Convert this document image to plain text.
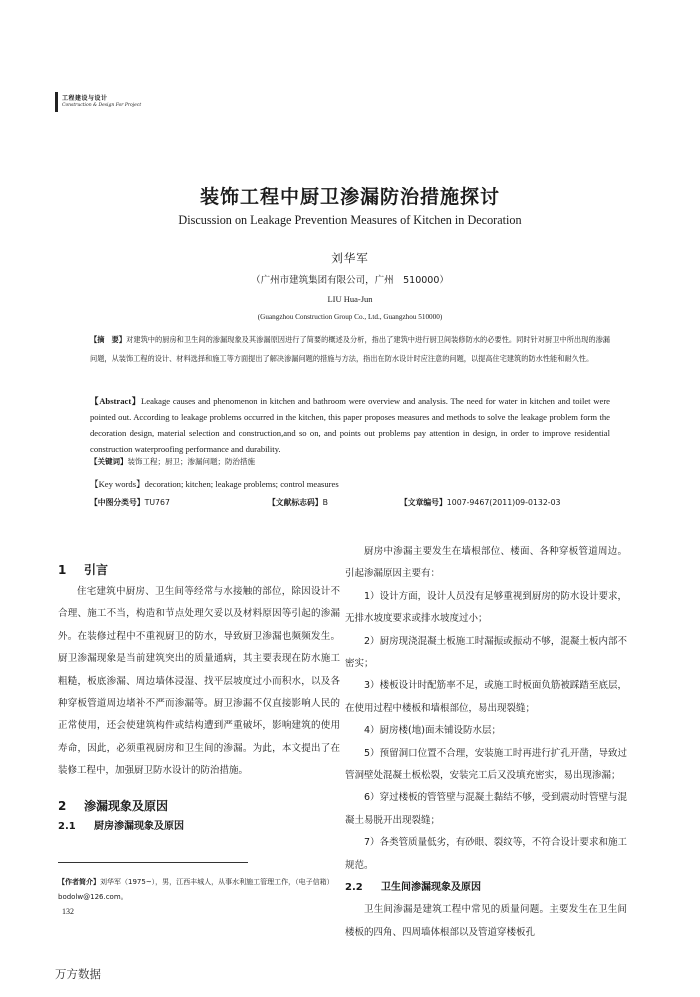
工程建设与设计
Construction & Design For Project
装饰工程中厨卫渗漏防治措施探讨
Discussion on Leakage Prevention Measures of Kitchen in Decoration
刘华军
（广州市建筑集团有限公司，广州　510000）
LIU Hua-Jun
(Guangzhou Construction Group Co., Ltd., Guangzhou 510000)
【摘　要】对建筑中的厨房和卫生间的渗漏现象及其渗漏原因进行了简要的概述及分析，指出了建筑中进行厨卫间装修防水的必要性。同时针对厨卫中所出现的渗漏问题，从装饰工程的设计、材料选择和施工等方面提出了解决渗漏问题的措施与方法，指出在防水设计时应注意的问题，以提高住宅建筑的防水性能和耐久性。
【Abstract】Leakage causes and phenomenon in kitchen and bathroom were overview and analysis. The need for water in kitchen and toilet were pointed out. According to leakage problems occurred in the kitchen, this paper proposes measures and methods to solve the leakage problem form the decoration design, material selection and construction,and so on, and points out problems pay attention in design, in order to improve residential construction waterproofing performance and durability.
【关键词】装饰工程；厨卫；渗漏问题；防治措施
【Key words】decoration; kitchen; leakage problems; control measures
【中图分类号】TU767	【文献标志码】B	【文章编号】1007-9467(2011)09-0132-03
1 引言

住宅建筑中厨房、卫生间等经常与水接触的部位，除因设计不合理、施工不当，构造和节点处理欠妥以及材料原因等引起的渗漏外。在装修过程中不重视厨卫的防水，导致厨卫渗漏也频频发生。厨卫渗漏现象是当前建筑突出的质量通病，其主要表现在防水施工粗糙，板底渗漏、周边墙体浸湿、找平层坡度过小而积水，以及各种穿板管道周边堵补不严而渗漏等。厨卫渗漏不仅直接影响人民的正常使用，还会使建筑构件或结构遭到严重破坏，影响建筑的使用寿命，因此，必须重视厨房和卫生间的渗漏。为此，本文提出了在装修工程中，加强厨卫防水设计的防治措施。

2 渗漏现象及原因
2.1 厨房渗漏现象及原因
【作者简介】刘华军（1975~），男，江西丰城人，从事水利施工管理工作，（电子信箱）bodolw@126.com。
132

厨房中渗漏主要发生在墙根部位、楼面、各种穿板管道周边。引起渗漏原因主要有：

1）设计方面，设计人员没有足够重视到厨房的防水设计要求，无排水坡度要求或排水坡度过小；

2）厨房现浇混凝土板施工时漏振或振动不够，混凝土板内部不密实；

3）楼板设计时配筋率不足，或施工时板面负筋被踩踏至底层，在使用过程中楼板和墙根部位，易出现裂缝；

4）厨房楼(地)面未铺设防水层；

5）预留洞口位置不合理，安装施工时再进行扩孔开凿，导致过管洞壁处混凝土板松裂，安装完工后又没填充密实，易出现渗漏；

6）穿过楼板的管管壁与混凝土黏结不够，受到震动时管壁与混凝土易脱开出现裂缝；

7）各类管质量低劣，有砂眼、裂纹等，不符合设计要求和施工规范。

2.2 卫生间渗漏现象及原因

卫生间渗漏是建筑工程中常见的质量问题。主要发生在卫生间楼板的四角、四周墙体根部以及管道穿楼板孔

万方数据
